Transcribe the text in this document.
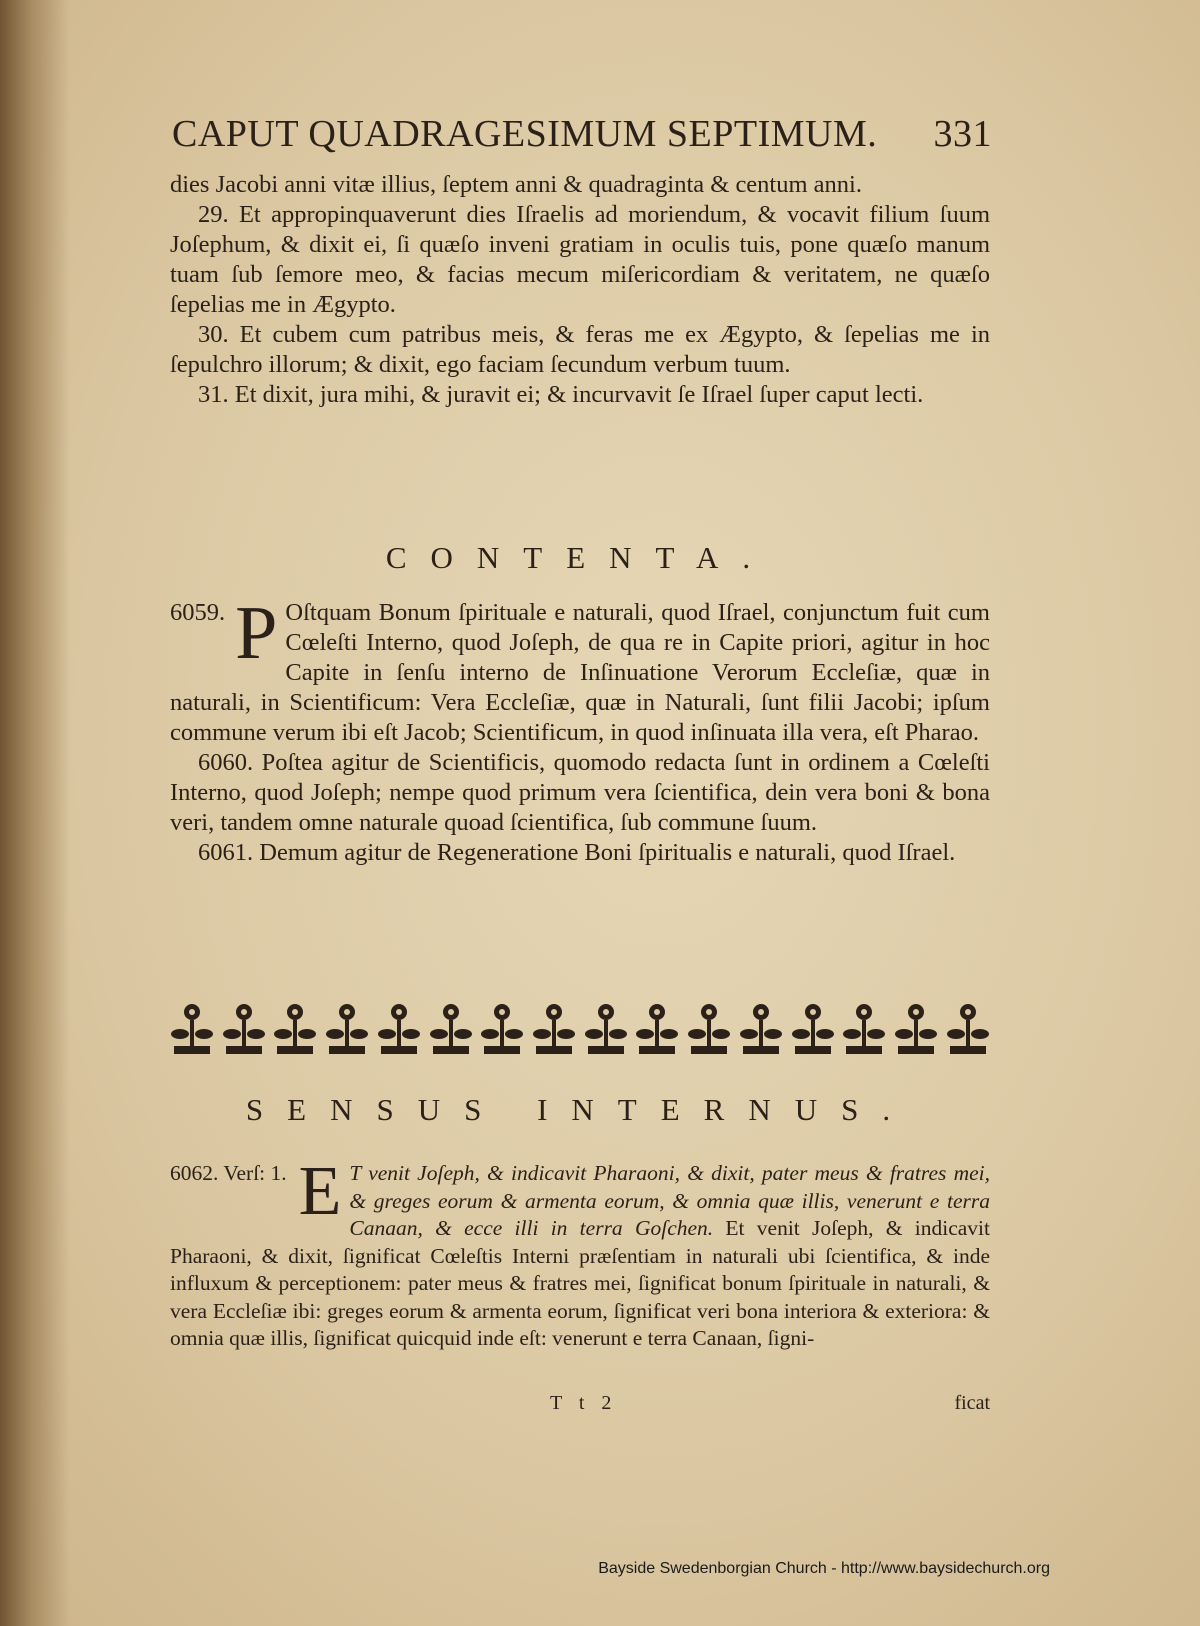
CAPUT QUADRAGESIMUM SEPTIMUM. 331

dies Jacobi anni vitæ illius, ſeptem anni & quadraginta & centum anni.

29. Et appropinquaverunt dies Iſraelis ad moriendum, & vocavit filium ſuum Joſephum, & dixit ei, ſi quæſo inveni gratiam in oculis tuis, pone quæſo manum tuam ſub ſemore meo, & facias mecum miſericordiam & veritatem, ne quæſo ſepelias me in Ægypto.

30. Et cubem cum patribus meis, & feras me ex Ægypto, & ſepelias me in ſepulchro illorum; & dixit, ego faciam ſecundum verbum tuum.

31. Et dixit, jura mihi, & juravit ei; & incurvavit ſe Iſrael ſuper caput lecti.

CONTENTA.

6059. P Oſtquam Bonum ſpirituale e naturali, quod Iſrael, conjunctum fuit cum Cœleſti Interno, quod Joſeph, de qua re in Capite priori, agitur in hoc Capite in ſenſu interno de Inſinuatione Verorum Eccleſiæ, quæ in naturali, in Scientificum: Vera Eccleſiæ, quæ in Naturali, ſunt filii Jacobi; ipſum commune verum ibi eſt Jacob; Scientificum, in quod inſinuata illa vera, eſt Pharao.

6060. Poſtea agitur de Scientificis, quomodo redacta ſunt in ordinem a Cœleſti Interno, quod Joſeph; nempe quod primum vera ſcientifica, dein vera boni & bona veri, tandem omne naturale quoad ſcientifica, ſub commune ſuum.

6061. Demum agitur de Regeneratione Boni ſpiritualis e naturali, quod Iſrael.

SENSUS INTERNUS.

6062. Verſ: 1. E T venit Joſeph, & indicavit Pharaoni, & dixit, pater meus & fratres mei, & greges eorum & armenta eorum, & omnia quæ illis, venerunt e terra Canaan, & ecce illi in terra Goſchen. Et venit Joſeph, & indicavit Pharaoni, & dixit, ſignificat Cœleſtis Interni præſentiam in naturali ubi ſcientifica, & inde influxum & perceptionem: pater meus & fratres mei, ſignificat bonum ſpirituale in naturali, & vera Eccleſiæ ibi: greges eorum & armenta eorum, ſignificat veri bona interiora & exteriora: & omnia quæ illis, ſignificat quicquid inde eſt: venerunt e terra Canaan, ſigni-

T t 2	ficat
Bayside Swedenborgian Church - http://www.baysidechurch.org
